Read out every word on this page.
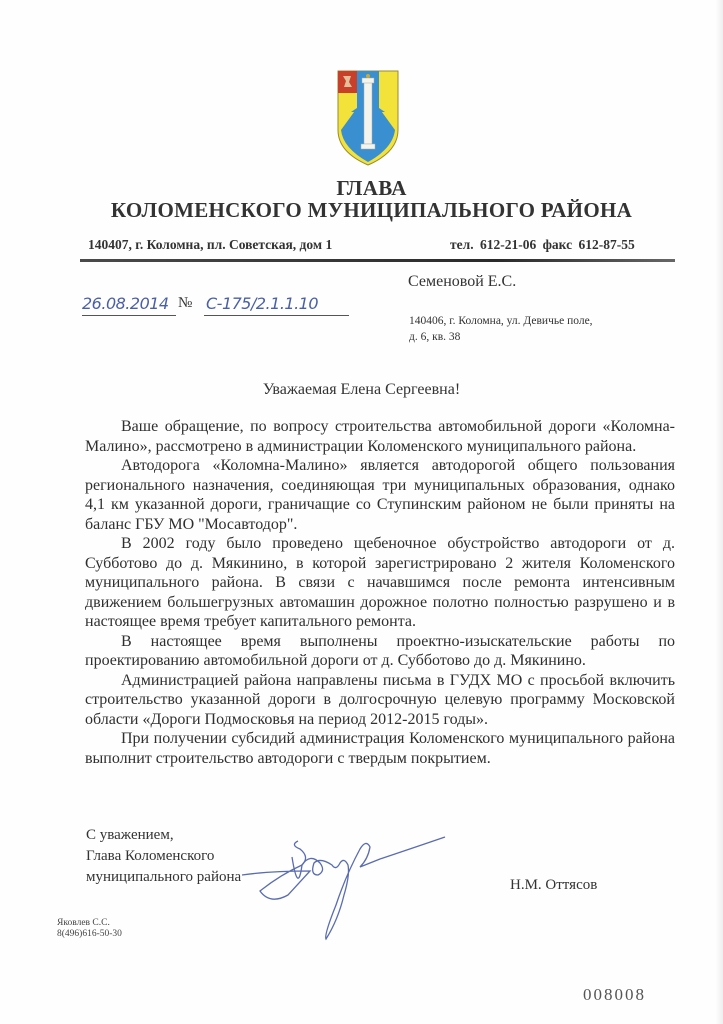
ГЛАВА
КОЛОМЕНСКОГО МУНИЦИПАЛЬНОГО РАЙОНА
140407, г. Коломна, пл. Советская, дом 1	тел. 612-21-06 факс 612-87-55
26.08.2014 № С-175/2.1.1.10
Семеновой Е.С.
140406, г. Коломна, ул. Девичье поле,
д. 6, кв. 38
Уважаемая Елена Сергеевна!

Ваше обращение, по вопросу строительства автомобильной дороги «Коломна-Малино», рассмотрено в администрации Коломенского муниципального района.

Автодорога «Коломна-Малино» является автодорогой общего пользования регионального назначения, соединяющая три муниципальных образования, однако 4,1 км указанной дороги, граничащие со Ступинским районом не были приняты на баланс ГБУ МО "Мосавтодор".

В 2002 году было проведено щебеночное обустройство автодороги от д. Субботово до д. Мякинино, в которой зарегистрировано 2 жителя Коломенского муниципального района. В связи с начавшимся после ремонта интенсивным движением большегрузных автомашин дорожное полотно полностью разрушено и в настоящее время требует капитального ремонта.

В настоящее время выполнены проектно-изыскательские работы по проектированию автомобильной дороги от д. Субботово до д. Мякинино.

Администрацией района направлены письма в ГУДХ МО с просьбой включить строительство указанной дороги в долгосрочную целевую программу Московской области «Дороги Подмосковья на период 2012-2015 годы».

При получении субсидий администрация Коломенского муниципального района выполнит строительство автодороги с твердым покрытием.

С уважением,
Глава Коломенского
муниципального района	Н.М. Оттясов
Яковлев С.С.
8(496)616-50-30
008008
